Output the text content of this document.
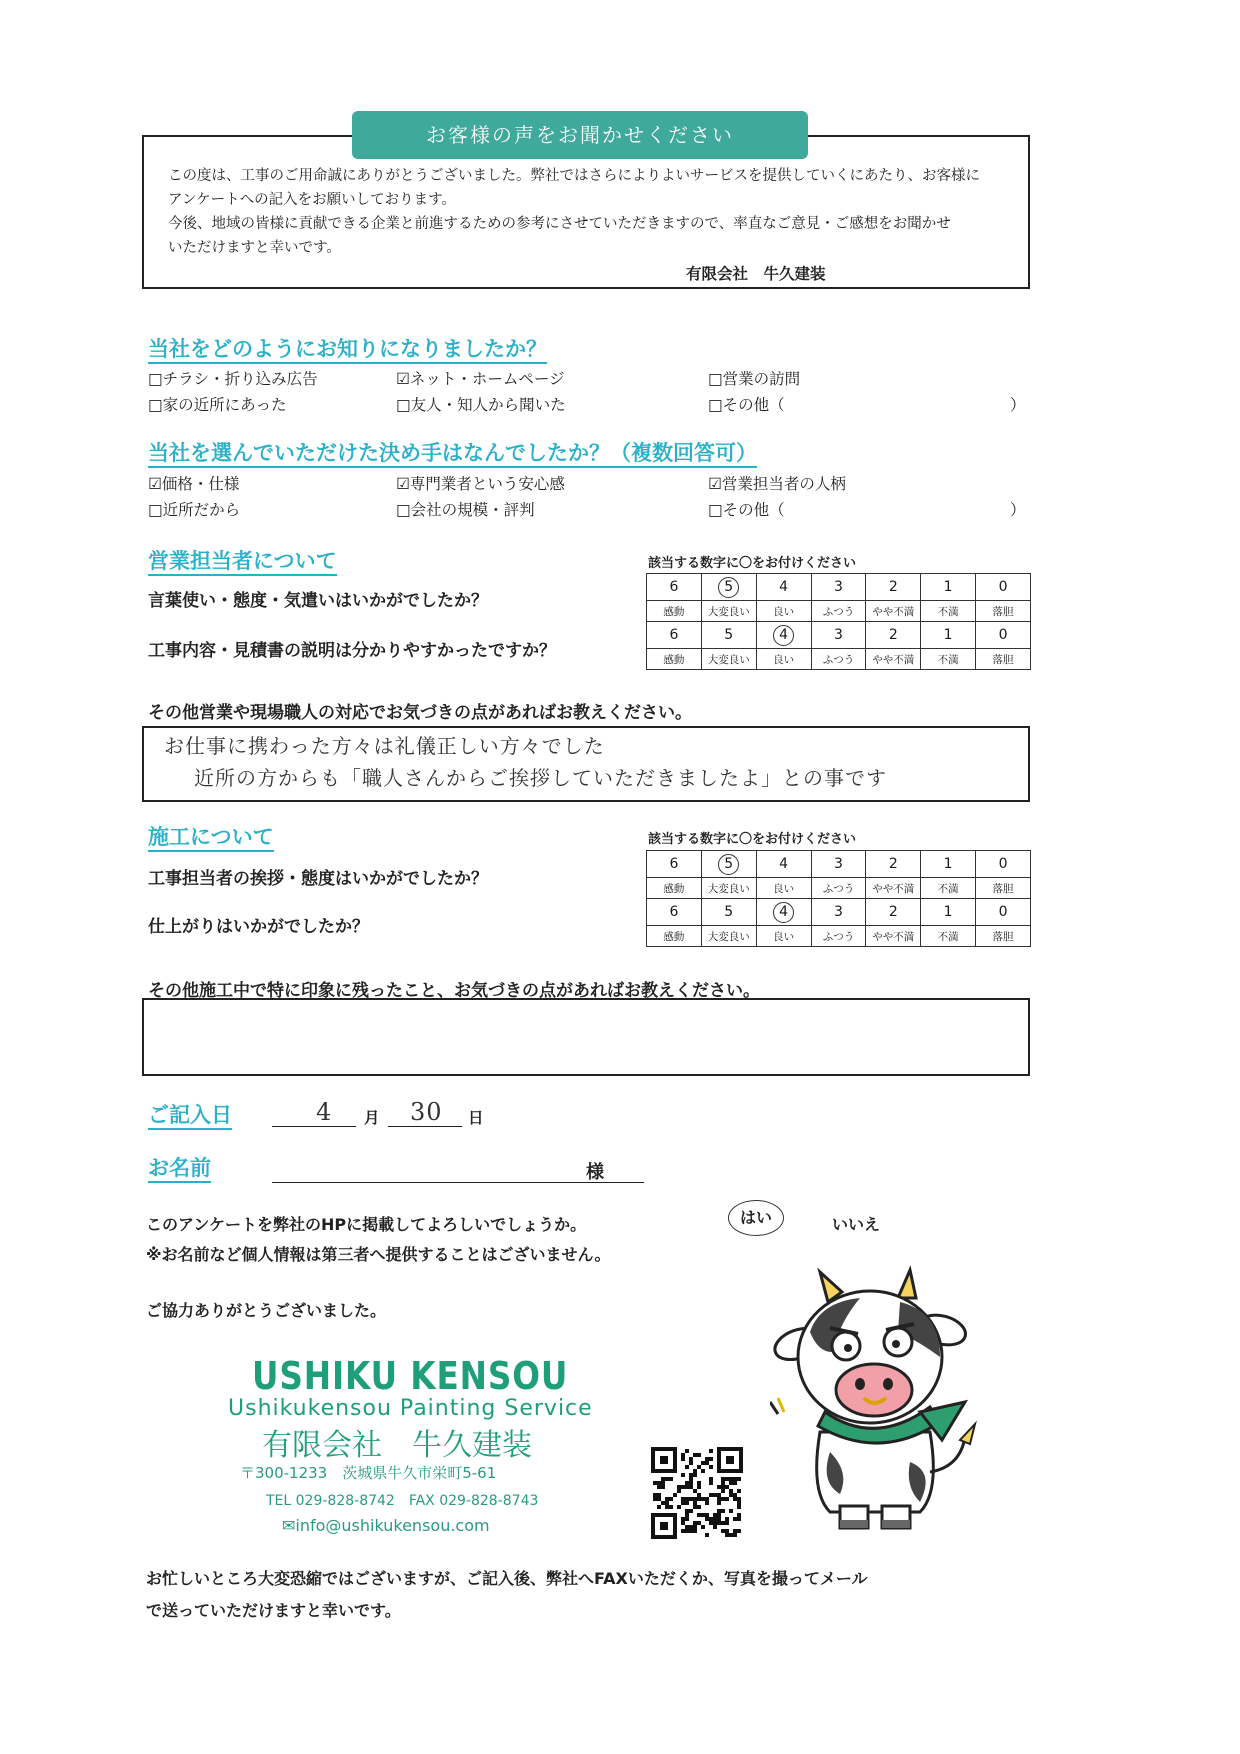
お客様の声をお聞かせください
この度は、工事のご用命誠にありがとうございました。弊社ではさらによりよいサービスを提供していくにあたり、お客様に
アンケートへの記入をお願いしております。
今後、地域の皆様に貢献できる企業と前進するための参考にさせていただきますので、率直なご意見・ご感想をお聞かせ
いただけますと幸いです。
有限会社　牛久建装
当社をどのようにお知りになりましたか？
□チラシ・折り込み広告	☑ネット・ホームページ	□営業の訪問
□家の近所にあった	□友人・知人から聞いた	□その他（	）
当社を選んでいただけた決め手はなんでしたか？（複数回答可）
☑価格・仕様	☑専門業者という安心感	☑営業担当者の人柄
□近所だから	□会社の規模・評判	□その他（	）
営業担当者について	該当する数字に〇をお付けください
言葉使い・態度・気遣いはいかがでしたか？
工事内容・見積書の説明は分かりやすかったですか？
6	5	4	3	2	1	0
感動	大変良い	良い	ふつう	やや不満	不満	落胆
6	5	4	3	2	1	0
感動	大変良い	良い	ふつう	やや不満	不満	落胆
その他営業や現場職人の対応でお気づきの点があればお教えください。
お仕事に携わった方々は礼儀正しい方々でした
近所の方からも「職人さんからご挨拶していただきましたよ」との事です
施工について	該当する数字に〇をお付けください
工事担当者の挨拶・態度はいかがでしたか？
仕上がりはいかがでしたか？
6	5	4	3	2	1	0
感動	大変良い	良い	ふつう	やや不満	不満	落胆
6	5	4	3	2	1	0
感動	大変良い	良い	ふつう	やや不満	不満	落胆
その他施工中で特に印象に残ったこと、お気づきの点があればお教えください。
ご記入日	4 月 30 日
お名前	様
このアンケートを弊社のHPに掲載してよろしいでしょうか。
※お名前など個人情報は第三者へ提供することはございません。
はい	いいえ
ご協力ありがとうございました。
USHIKU KENSOU
Ushikukensou Painting Service
有限会社　牛久建装
〒300-1233　茨城県牛久市栄町5-61
TEL 029-828-8742　FAX 029-828-8743
✉info@ushikukensou.com
お忙しいところ大変恐縮ではございますが、ご記入後、弊社へFAXいただくか、写真を撮ってメール
で送っていただけますと幸いです。
